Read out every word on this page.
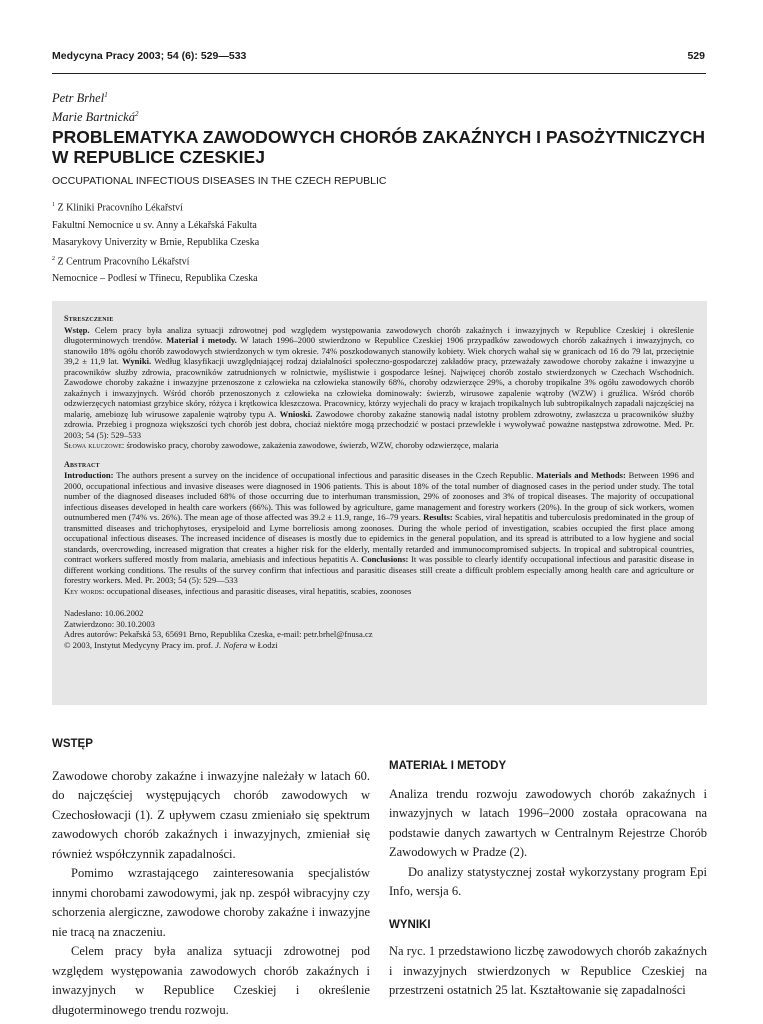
Medycyna Pracy 2003; 54 (6): 529—533	529
Petr Brhel$^1$
Marie Bartnická$^2$
PROBLEMATYKA ZAWODOWYCH CHORÓB ZAKAŹNYCH I PASOŻYTNICZYCH
W REPUBLICE CZESKIEJ
OCCUPATIONAL INFECTIOUS DISEASES IN THE CZECH REPUBLIC
$^1$ Z Kliniki Pracovního Lékařství
Fakultní Nemocnice u sv. Anny a Lékařská Fakulta
Masarykovy Univerzity w Brnie, Republika Czeska
$^2$ Z Centrum Pracovního Lékařství
Nemocnice – Podlesí w Třinecu, Republika Czeska
Streszczenie
Wstęp. Celem pracy była analiza sytuacji zdrowotnej pod względem występowania zawodowych chorób zakaźnych i inwazyjnych w Republice Czeskiej i określenie długoterminowych trendów. Materiał i metody. W latach 1996–2000 stwierdzono w Republice Czeskiej 1906 przypadków zawodowych chorób zakaźnych i inwazyjnych, co stanowiło 18% ogółu chorób zawodowych stwierdzonych w tym okresie. 74% poszkodowanych stanowiły kobiety. Wiek chorych wahał się w granicach od 16 do 79 lat, przeciętnie 39,2 ± 11,9 lat. Wyniki. Według klasyfikacji uwzględniającej rodzaj działalności społeczno-gospodarczej zakładów pracy, przeważały zawodowe choroby zakaźne i inwazyjne u pracowników służby zdrowia, pracowników zatrudnionych w rolnictwie, myślistwie i gospodarce leśnej. Najwięcej chorób zostało stwierdzonych w Czechach Wschodnich. Zawodowe choroby zakaźne i inwazyjne przenoszone z człowieka na człowieka stanowiły 68%, choroby odzwierzęce 29%, a choroby tropikalne 3% ogółu zawodowych chorób zakaźnych i inwazyjnych. Wśród chorób przenoszonych z człowieka na człowieka dominowały: świerzb, wirusowe zapalenie wątroby (WZW) i gruźlica. Wśród chorób odzwierzęcych natomiast grzybice skóry, różyca i krętkowica kleszczowa. Pracownicy, którzy wyjechali do pracy w krajach tropikalnych lub subtropikalnych zapadali najczęściej na malarię, amebiozę lub wirusowe zapalenie wątroby typu A. Wnioski. Zawodowe choroby zakaźne stanowią nadal istotny problem zdrowotny, zwłaszcza u pracowników służby zdrowia. Przebieg i prognoza większości tych chorób jest dobra, chociaż niektóre mogą przechodzić w postaci przewlekłe i wywoływać poważne następstwa zdrowotne. Med. Pr. 2003; 54 (5): 529–533
Słowa kluczowe: środowisko pracy, choroby zawodowe, zakażenia zawodowe, świerzb, WZW, choroby odzwierzęce, malaria
Abstract
Introduction: The authors present a survey on the incidence of occupational infectious and parasitic diseases in the Czech Republic. Materials and Methods: Between 1996 and 2000, occupational infectious and invasive diseases were diagnosed in 1906 patients. This is about 18% of the total number of diagnosed cases in the period under study. The total number of the diagnosed diseases included 68% of those occurring due to interhuman transmission, 29% of zoonoses and 3% of tropical diseases. The majority of occupational infectious diseases developed in health care workers (66%). This was followed by agriculture, game management and forestry workers (20%). In the group of sick workers, women outnumbered men (74% vs. 26%). The mean age of those affected was 39.2 ± 11.9, range, 16–79 years. Results: Scabies, viral hepatitis and tuberculosis predominated in the group of transmitted diseases and trichophytoses, erysipeloid and Lyme borreliosis among zoonoses. During the whole period of investigation, scabies occupied the first place among occupational infectious diseases. The increased incidence of diseases is mostly due to epidemics in the general population, and its spread is attributed to a low hygiene and social standards, overcrowding, increased migration that creates a higher risk for the elderly, mentally retarded and immunocompromised subjects. In tropical and subtropical countries, contract workers suffered mostly from malaria, amebiasis and infectious hepatitis A. Conclusions: It was possible to clearly identify occupational infectious and parasitic disease in different working conditions. The results of the survey confirm that infectious and parasitic diseases still create a difficult problem especially among health care and agriculture or forestry workers. Med. Pr. 2003; 54 (5): 529—533
Key words: occupational diseases, infectious and parasitic diseases, viral hepatitis, scabies, zoonoses
Nadesłano: 10.06.2002
Zatwierdzono: 30.10.2003
Adres autorów: Pekařská 53, 65691 Brno, Republika Czeska, e-mail: petr.brhel@fnusa.cz
© 2003, Instytut Medycyny Pracy im. prof. J. Nofera w Łodzi

WSTĘP

Zawodowe choroby zakaźne i inwazyjne należały w latach 60. do najczęściej występujących chorób zawodowych w Czechosłowacji (1). Z upływem czasu zmieniało się spektrum zawodowych chorób zakaźnych i inwazyjnych, zmieniał się również współczynnik zapadalności.

Pomimo wzrastającego zainteresowania specjalistów innymi chorobami zawodowymi, jak np. zespół wibracyjny czy schorzenia alergiczne, zawodowe choroby zakaźne i inwazyjne nie tracą na znaczeniu.

Celem pracy była analiza sytuacji zdrowotnej pod względem występowania zawodowych chorób zakaźnych i inwazyjnych w Republice Czeskiej i określenie długoterminowego trendu rozwoju.

MATERIAŁ I METODY

Analiza trendu rozwoju zawodowych chorób zakaźnych i inwazyjnych w latach 1996–2000 została opracowana na podstawie danych zawartych w Centralnym Rejestrze Chorób Zawodowych w Pradze (2).

Do analizy statystycznej został wykorzystany program Epi Info, wersja 6.

WYNIKI

Na ryc. 1 przedstawiono liczbę zawodowych chorób zakaźnych i inwazyjnych stwierdzonych w Republice Czeskiej na przestrzeni ostatnich 25 lat. Kształtowanie się zapadalności
